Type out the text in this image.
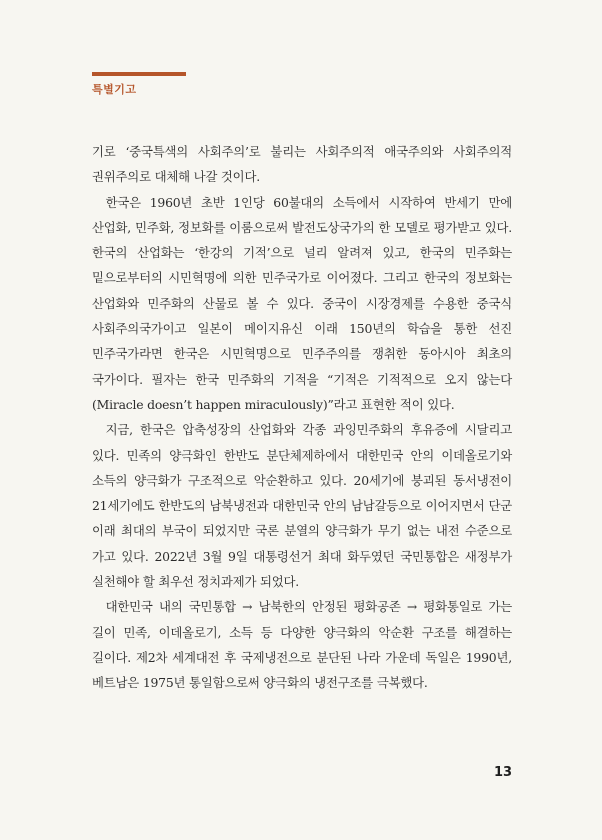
특별기고

기로 ‘중국특색의 사회주의’로 불리는 사회주의적 애국주의와 사회주의적 권위주의로 대체해 나갈 것이다.

한국은 1960년 초반 1인당 60불대의 소득에서 시작하여 반세기 만에 산업화, 민주화, 정보화를 이룸으로써 발전도상국가의 한 모델로 평가받고 있다. 한국의 산업화는 ‘한강의 기적’으로 널리 알려져 있고, 한국의 민주화는 밑으로부터의 시민혁명에 의한 민주국가로 이어졌다. 그리고 한국의 정보화는 산업화와 민주화의 산물로 볼 수 있다. 중국이 시장경제를 수용한 중국식 사회주의국가이고 일본이 메이지유신 이래 150년의 학습을 통한 선진 민주국가라면 한국은 시민혁명으로 민주주의를 쟁취한 동아시아 최초의 국가이다. 필자는 한국 민주화의 기적을 “기적은 기적적으로 오지 않는다(Miracle doesn’t happen miraculously)”라고 표현한 적이 있다.

지금, 한국은 압축성장의 산업화와 각종 과잉민주화의 후유증에 시달리고 있다. 민족의 양극화인 한반도 분단체제하에서 대한민국 안의 이데올로기와 소득의 양극화가 구조적으로 악순환하고 있다. 20세기에 붕괴된 동서냉전이 21세기에도 한반도의 남북냉전과 대한민국 안의 남남갈등으로 이어지면서 단군 이래 최대의 부국이 되었지만 국론 분열의 양극화가 무기 없는 내전 수준으로 가고 있다. 2022년 3월 9일 대통령선거 최대 화두였던 국민통합은 새정부가 실천해야 할 최우선 정치과제가 되었다.

대한민국 내의 국민통합 → 남북한의 안정된 평화공존 → 평화통일로 가는 길이 민족, 이데올로기, 소득 등 다양한 양극화의 악순환 구조를 해결하는 길이다. 제2차 세계대전 후 국제냉전으로 분단된 나라 가운데 독일은 1990년, 베트남은 1975년 통일함으로써 양극화의 냉전구조를 극복했다.

13
